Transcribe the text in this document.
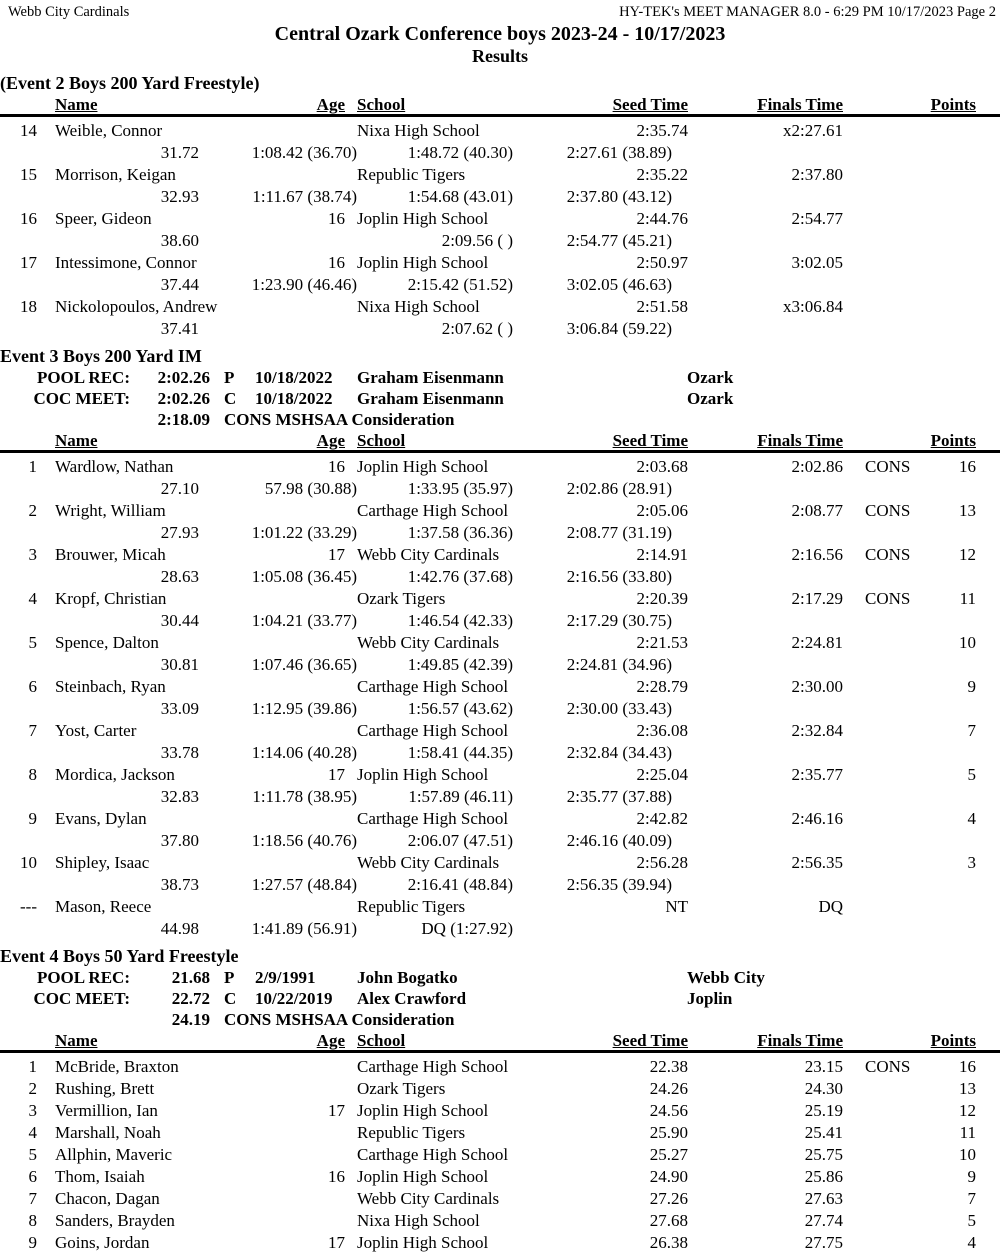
Webb City Cardinals	HY-TEK's MEET MANAGER 8.0 - 6:29 PM 10/17/2023 Page 2
Central Ozark Conference boys 2023-24 - 10/17/2023
Results
(Event 2 Boys 200 Yard Freestyle)
Name	Age School	Seed Time	Finals Time	Points
14	Weible, Connor	Nixa High School	2:35.74	x2:27.61
31.72	1:08.42 (36.70)	1:48.72 (40.30)	2:27.61 (38.89)
15	Morrison, Keigan	Republic Tigers	2:35.22	2:37.80
32.93	1:11.67 (38.74)	1:54.68 (43.01)	2:37.80 (43.12)
16	Speer, Gideon	16 Joplin High School	2:44.76	2:54.77
38.60	2:09.56 ( )	2:54.77 (45.21)
17	Intessimone, Connor	16 Joplin High School	2:50.97	3:02.05
37.44	1:23.90 (46.46)	2:15.42 (51.52)	3:02.05 (46.63)
18	Nickolopoulos, Andrew	Nixa High School	2:51.58	x3:06.84
37.41	2:07.62 ( )	3:06.84 (59.22)
Event 3 Boys 200 Yard IM
POOL REC:	2:02.26 P	10/18/2022	Graham Eisenmann	Ozark
COC MEET:	2:02.26 C	10/18/2022	Graham Eisenmann	Ozark
2:18.09 CONS MSHSAA Consideration
Name	Age School	Seed Time	Finals Time	Points
1	Wardlow, Nathan	16 Joplin High School	2:03.68	2:02.86	CONS	16
27.10	57.98 (30.88)	1:33.95 (35.97)	2:02.86 (28.91)
2	Wright, William	Carthage High School	2:05.06	2:08.77	CONS	13
27.93	1:01.22 (33.29)	1:37.58 (36.36)	2:08.77 (31.19)
3	Brouwer, Micah	17 Webb City Cardinals	2:14.91	2:16.56	CONS	12
28.63	1:05.08 (36.45)	1:42.76 (37.68)	2:16.56 (33.80)
4	Kropf, Christian	Ozark Tigers	2:20.39	2:17.29	CONS	11
30.44	1:04.21 (33.77)	1:46.54 (42.33)	2:17.29 (30.75)
5	Spence, Dalton	Webb City Cardinals	2:21.53	2:24.81	10
30.81	1:07.46 (36.65)	1:49.85 (42.39)	2:24.81 (34.96)
6	Steinbach, Ryan	Carthage High School	2:28.79	2:30.00	9
33.09	1:12.95 (39.86)	1:56.57 (43.62)	2:30.00 (33.43)
7	Yost, Carter	Carthage High School	2:36.08	2:32.84	7
33.78	1:14.06 (40.28)	1:58.41 (44.35)	2:32.84 (34.43)
8	Mordica, Jackson	17 Joplin High School	2:25.04	2:35.77	5
32.83	1:11.78 (38.95)	1:57.89 (46.11)	2:35.77 (37.88)
9	Evans, Dylan	Carthage High School	2:42.82	2:46.16	4
37.80	1:18.56 (40.76)	2:06.07 (47.51)	2:46.16 (40.09)
10	Shipley, Isaac	Webb City Cardinals	2:56.28	2:56.35	3
38.73	1:27.57 (48.84)	2:16.41 (48.84)	2:56.35 (39.94)
---	Mason, Reece	Republic Tigers	NT	DQ
44.98	1:41.89 (56.91)	DQ (1:27.92)
Event 4 Boys 50 Yard Freestyle
POOL REC:	21.68 P	2/9/1991	John Bogatko	Webb City
COC MEET:	22.72 C	10/22/2019	Alex Crawford	Joplin
24.19 CONS MSHSAA Consideration
Name	Age School	Seed Time	Finals Time	Points
1	McBride, Braxton	Carthage High School	22.38	23.15	CONS	16
2	Rushing, Brett	Ozark Tigers	24.26	24.30	13
3	Vermillion, Ian	17 Joplin High School	24.56	25.19	12
4	Marshall, Noah	Republic Tigers	25.90	25.41	11
5	Allphin, Maveric	Carthage High School	25.27	25.75	10
6	Thom, Isaiah	16 Joplin High School	24.90	25.86	9
7	Chacon, Dagan	Webb City Cardinals	27.26	27.63	7
8	Sanders, Brayden	Nixa High School	27.68	27.74	5
9	Goins, Jordan	17 Joplin High School	26.38	27.75	4
